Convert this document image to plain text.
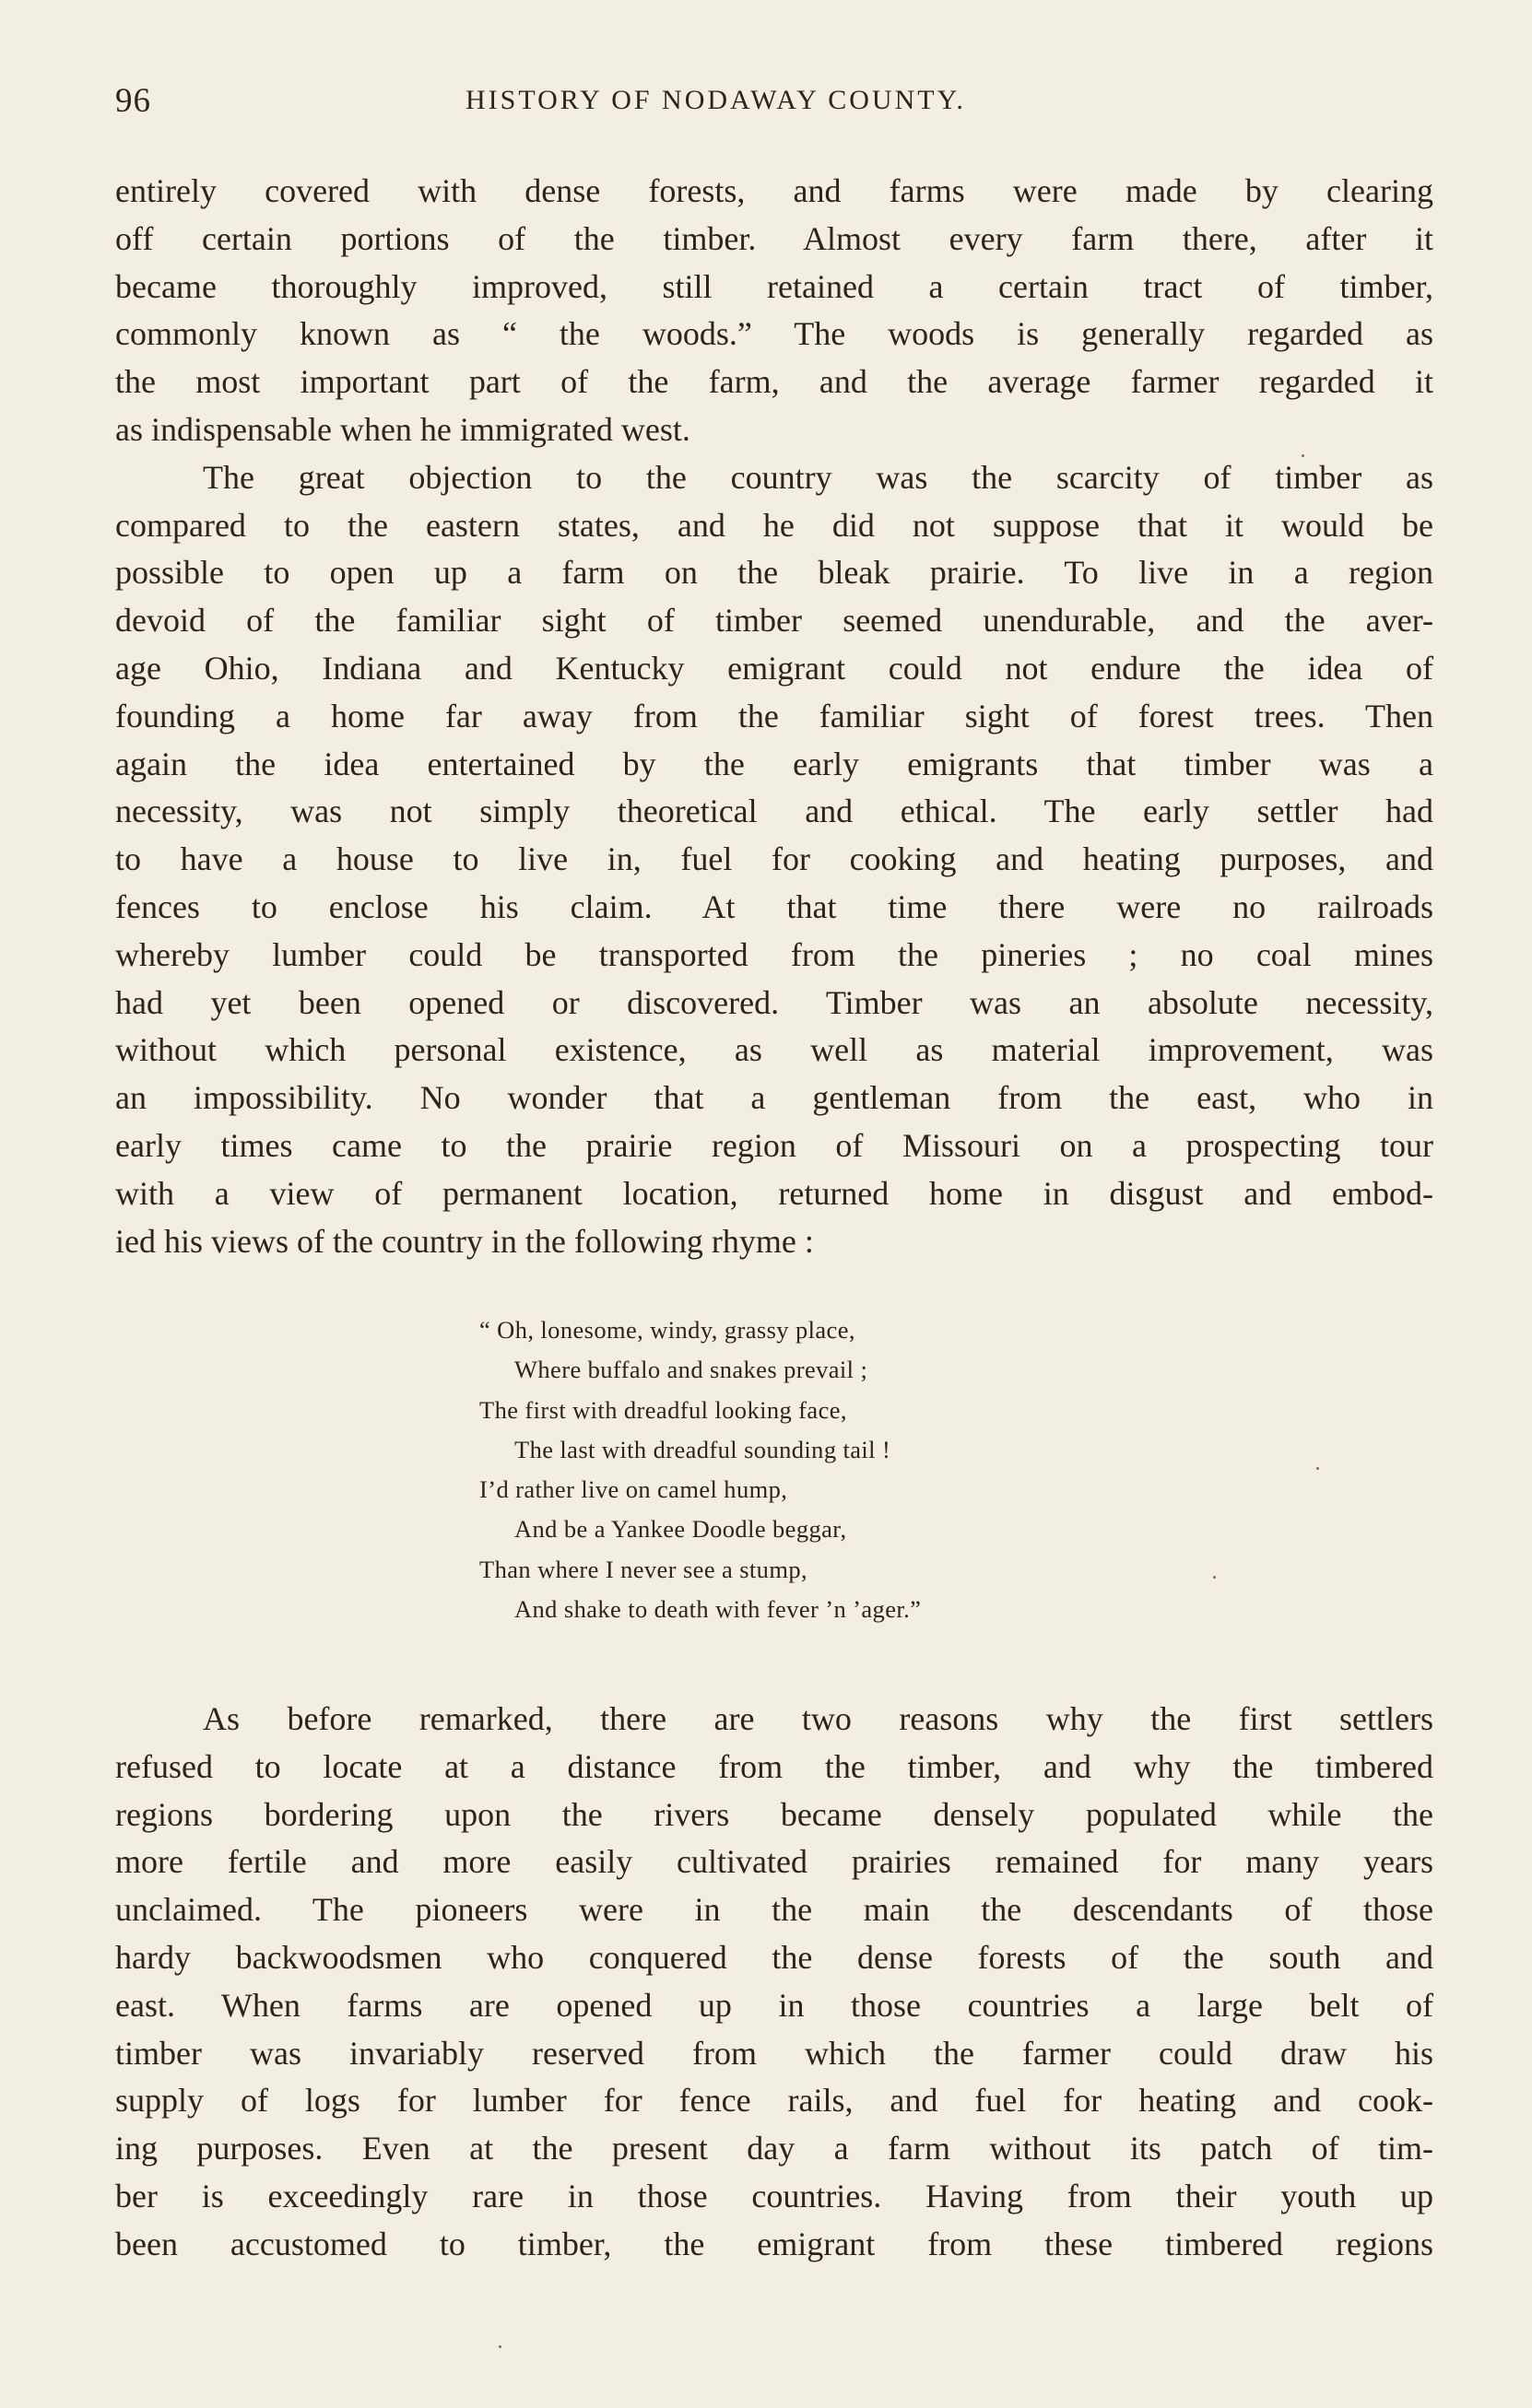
96	HISTORY OF NODAWAY COUNTY.
entirely covered with dense forests, and farms were made by clearing
off certain portions of the timber. Almost every farm there, after it
became thoroughly improved, still retained a certain tract of timber,
commonly known as “ the woods.” The woods is generally regarded as
the most important part of the farm, and the average farmer regarded it
as indispensable when he immigrated west.
The great objection to the country was the scarcity of timber as
compared to the eastern states, and he did not suppose that it would be
possible to open up a farm on the bleak prairie. To live in a region
devoid of the familiar sight of timber seemed unendurable, and the aver-
age Ohio, Indiana and Kentucky emigrant could not endure the idea of
founding a home far away from the familiar sight of forest trees. Then
again the idea entertained by the early emigrants that timber was a
necessity, was not simply theoretical and ethical. The early settler had
to have a house to live in, fuel for cooking and heating purposes, and
fences to enclose his claim. At that time there were no railroads
whereby lumber could be transported from the pineries ; no coal mines
had yet been opened or discovered. Timber was an absolute necessity,
without which personal existence, as well as material improvement, was
an impossibility. No wonder that a gentleman from the east, who in
early times came to the prairie region of Missouri on a prospecting tour
with a view of permanent location, returned home in disgust and embod-
ied his views of the country in the following rhyme :
“ Oh, lonesome, windy, grassy place,
Where buffalo and snakes prevail ;
The first with dreadful looking face,
The last with dreadful sounding tail !
I’d rather live on camel hump,
And be a Yankee Doodle beggar,
Than where I never see a stump,
And shake to death with fever ’n ’ager.”
As before remarked, there are two reasons why the first settlers
refused to locate at a distance from the timber, and why the timbered
regions bordering upon the rivers became densely populated while the
more fertile and more easily cultivated prairies remained for many years
unclaimed. The pioneers were in the main the descendants of those
hardy backwoodsmen who conquered the dense forests of the south and
east. When farms are opened up in those countries a large belt of
timber was invariably reserved from which the farmer could draw his
supply of logs for lumber for fence rails, and fuel for heating and cook-
ing purposes. Even at the present day a farm without its patch of tim-
ber is exceedingly rare in those countries. Having from their youth up
been accustomed to timber, the emigrant from these timbered regions
